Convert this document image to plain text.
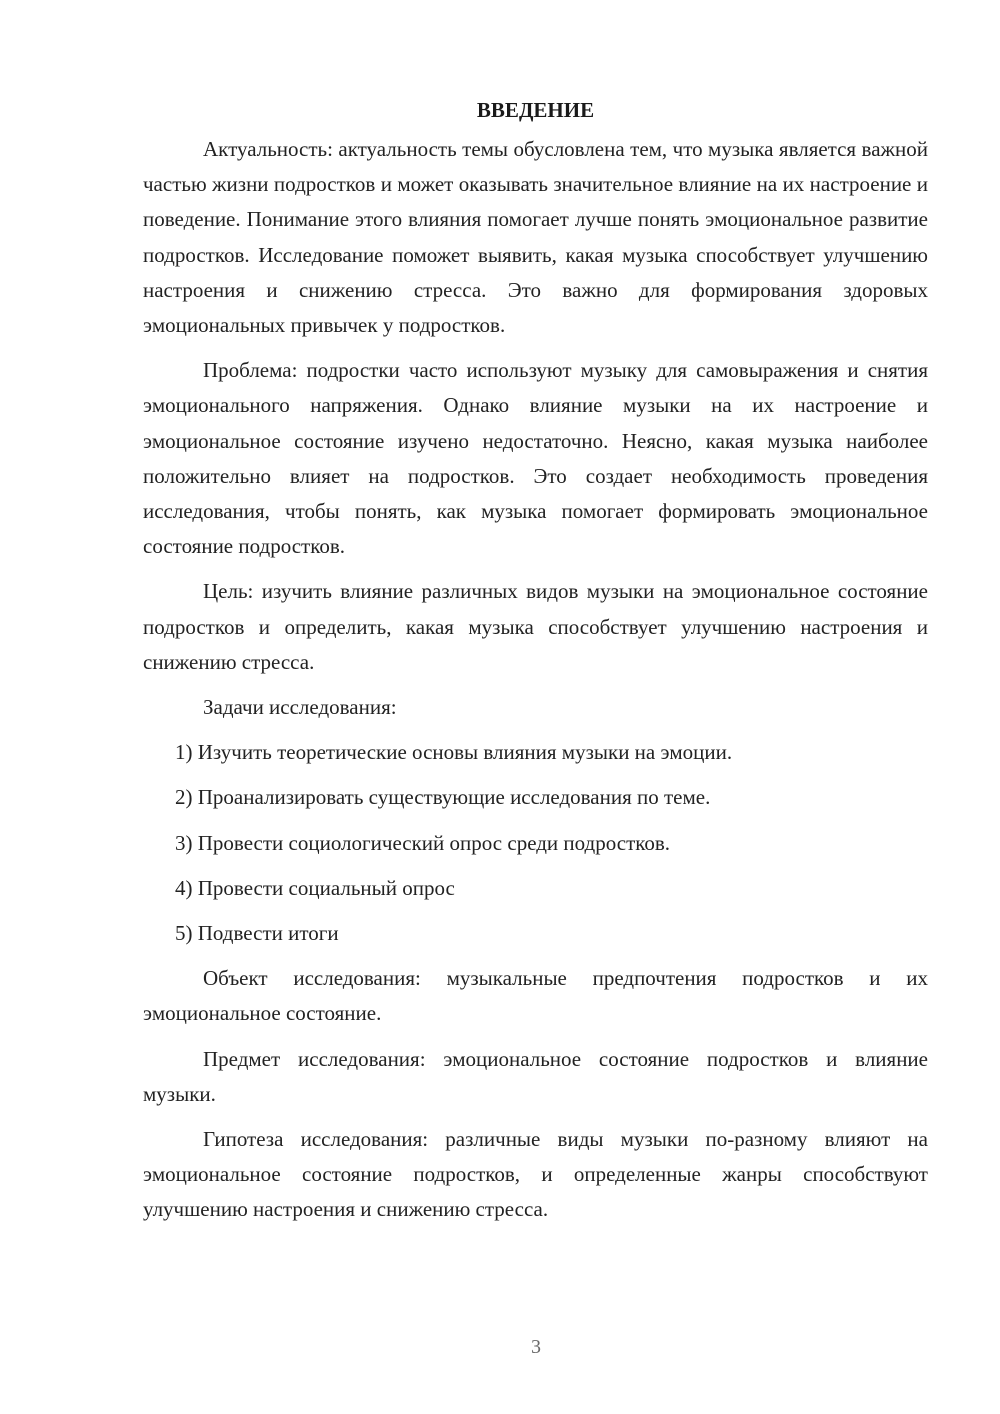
ВВЕДЕНИЕ

Актуальность: актуальность темы обусловлена тем, что музыка является важной частью жизни подростков и может оказывать значительное влияние на их настроение и поведение. Понимание этого влияния помогает лучше понять эмоциональное развитие подростков. Исследование поможет выявить, какая музыка способствует улучшению настроения и снижению стресса. Это важно для формирования здоровых эмоциональных привычек у подростков.

Проблема: подростки часто используют музыку для самовыражения и снятия эмоционального напряжения. Однако влияние музыки на их настроение и эмоциональное состояние изучено недостаточно. Неясно, какая музыка наиболее положительно влияет на подростков. Это создает необходимость проведения исследования, чтобы понять, как музыка помогает формировать эмоциональное состояние подростков.

Цель: изучить влияние различных видов музыки на эмоциональное состояние подростков и определить, какая музыка способствует улучшению настроения и снижению стресса.

Задачи исследования:

1) Изучить теоретические основы влияния музыки на эмоции.

2) Проанализировать существующие исследования по теме.

3) Провести социологический опрос среди подростков.

4) Провести социальный опрос

5) Подвести итоги

Объект исследования: музыкальные предпочтения подростков и их эмоциональное состояние.

Предмет исследования: эмоциональное состояние подростков и влияние музыки.

Гипотеза исследования: различные виды музыки по-разному влияют на эмоциональное состояние подростков, и определенные жанры способствуют улучшению настроения и снижению стресса.

3
